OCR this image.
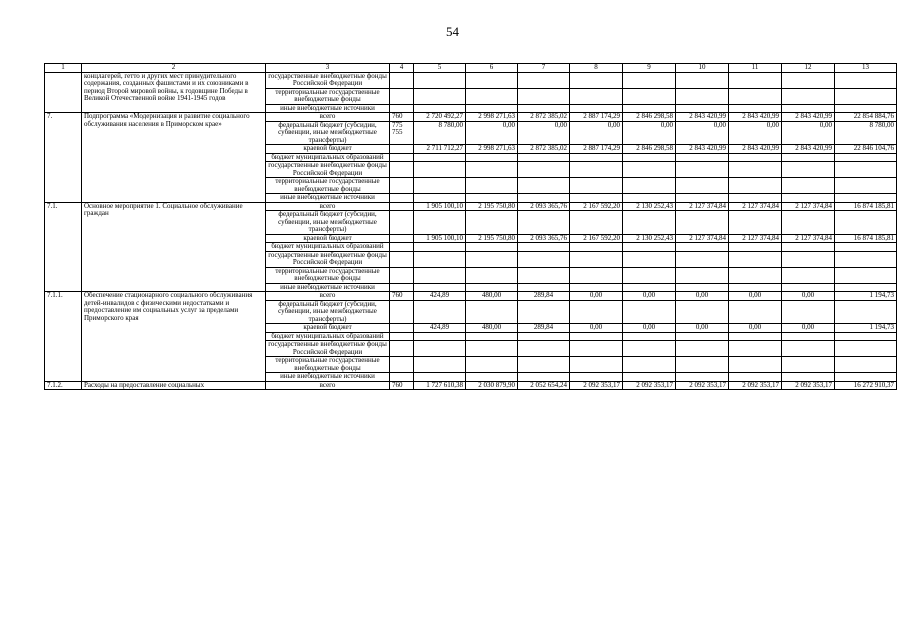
54
1	2	3	4	5	6	7	8	9	10	11	12	13
	концлагерей, гетто и других мест принудительного содержания, созданных фашистами и их союзниками в период Второй мировой войны, к годовщине Победы в Великой Отечественной войне 1941-1945 годов	государственные внебюджетные фонды Российской Федерации										
		территориальные государственные внебюджетные фонды										
		иные внебюджетные источники										
7.	Подпрограмма «Модернизация и развитие социального обслуживания населения в Приморском крае»	всего	760	2 720 492,27	2 998 271,63	2 872 385,02	2 887 174,29	2 846 298,58	2 843 420,99	2 843 420,99	2 843 420,99	22 854 884,76
		федеральный бюджет (субсидии, субвенции, иные межбюджетные трансферты)	775 755	8 780,00	0,00	0,00	0,00	0,00	0,00	0,00	0,00	8 780,00
		краевой бюджет		2 711 712,27	2 998 271,63	2 872 385,02	2 887 174,29	2 846 298,58	2 843 420,99	2 843 420,99	2 843 420,99	22 846 104,76
		бюджет муниципальных образований										
		государственные внебюджетные фонды Российской Федерации										
		территориальные государственные внебюджетные фонды										
		иные внебюджетные источники										
7.1.	Основное мероприятие 1. Социальное обслуживание граждан	всего		1 905 100,10	2 195 750,80	2 093 365,76	2 167 592,20	2 130 252,43	2 127 374,84	2 127 374,84	2 127 374,84	16 874 185,81
		федеральный бюджет (субсидии, субвенции, иные межбюджетные трансферты)										
		краевой бюджет		1 905 100,10	2 195 750,80	2 093 365,76	2 167 592,20	2 130 252,43	2 127 374,84	2 127 374,84	2 127 374,84	16 874 185,81
		бюджет муниципальных образований										
		государственные внебюджетные фонды Российской Федерации										
		территориальные государственные внебюджетные фонды										
		иные внебюджетные источники										
7.1.1.	Обеспечение стационарного социального обслуживания детей-инвалидов с физическими недостатками и предоставление им социальных услуг за пределами Приморского края	всего	760	424,89	480,00	289,84	0,00	0,00	0,00	0,00	0,00	1 194,73
		федеральный бюджет (субсидии, субвенции, иные межбюджетные трансферты)										
		краевой бюджет		424,89	480,00	289,84	0,00	0,00	0,00	0,00	0,00	1 194,73
		бюджет муниципальных образований										
		государственные внебюджетные фонды Российской Федерации										
		территориальные государственные внебюджетные фонды										
		иные внебюджетные источники										
7.1.2.	Расходы на предоставление социальных	всего	760	1 727 610,38	2 030 879,90	2 052 654,24	2 092 353,17	2 092 353,17	2 092 353,17	2 092 353,17	2 092 353,17	16 272 910,37
